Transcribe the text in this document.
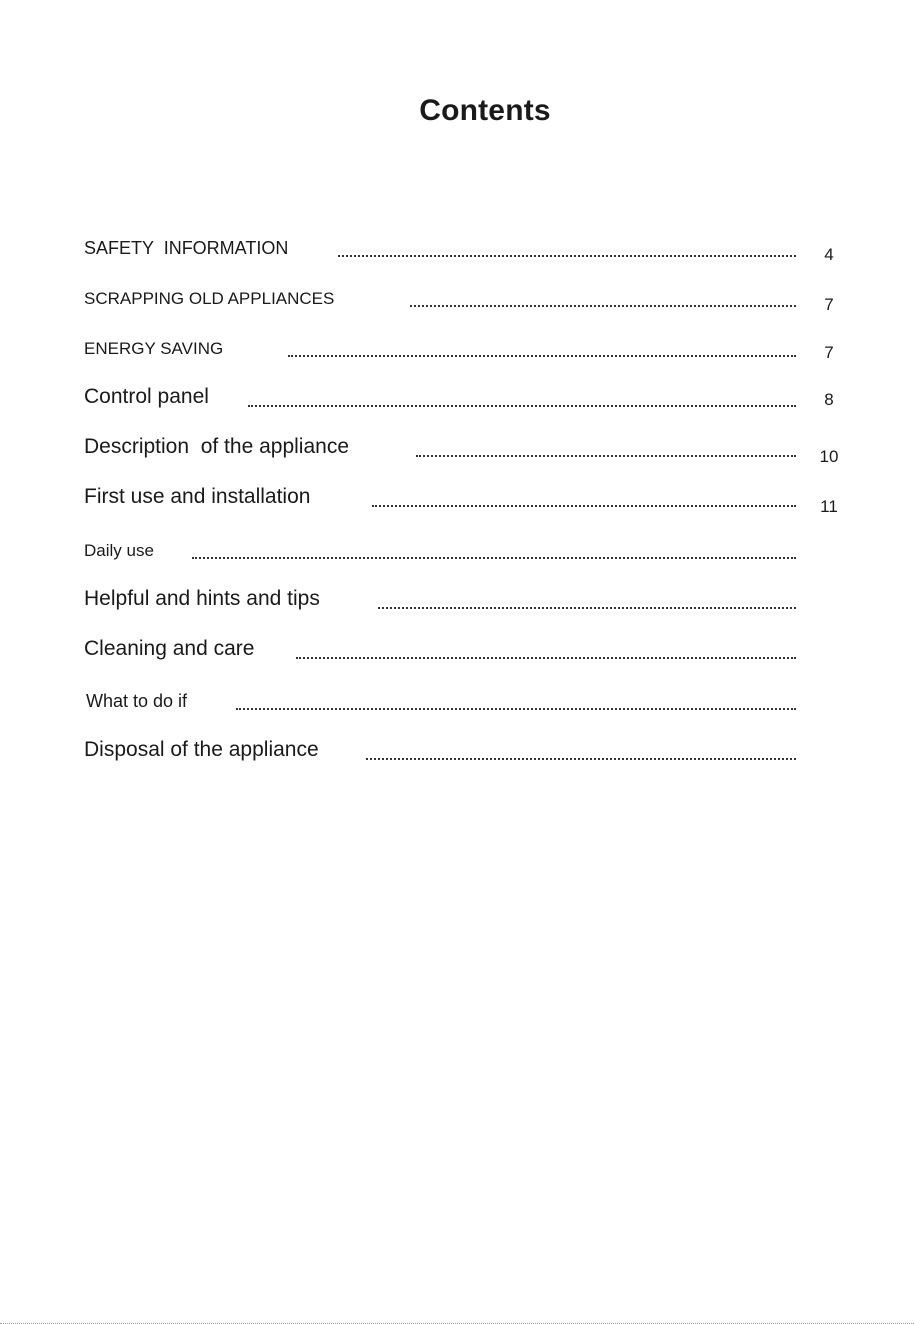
Contents
SAFETY  INFORMATION	4
SCRAPPING OLD APPLIANCES	7
ENERGY SAVING	7
Control panel	8
Description  of the appliance	10
First use and installation	11
Daily use
Helpful and hints and tips
Cleaning and care
What to do if
Disposal of the appliance
